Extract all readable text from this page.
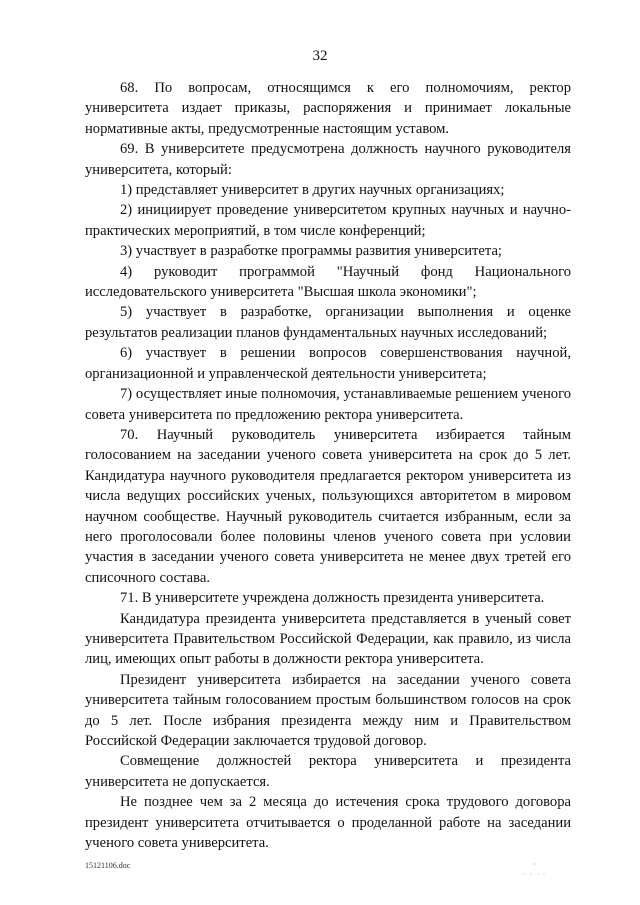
32

68. По вопросам, относящимся к его полномочиям, ректор университета издает приказы, распоряжения и принимает локальные нормативные акты, предусмотренные настоящим уставом.

69. В университете предусмотрена должность научного руководителя университета, который:

1) представляет университет в других научных организациях;

2) инициирует проведение университетом крупных научных и научно-практических мероприятий, в том числе конференций;

3) участвует в разработке программы развития университета;

4) руководит программой "Научный фонд Национального исследовательского университета "Высшая школа экономики";

5) участвует в разработке, организации выполнения и оценке результатов реализации планов фундаментальных научных исследований;

6) участвует в решении вопросов совершенствования научной, организационной и управленческой деятельности университета;

7) осуществляет иные полномочия, устанавливаемые решением ученого совета университета по предложению ректора университета.

70. Научный руководитель университета избирается тайным голосованием на заседании ученого совета университета на срок до 5 лет. Кандидатура научного руководителя предлагается ректором университета из числа ведущих российских ученых, пользующихся авторитетом в мировом научном сообществе. Научный руководитель считается избранным, если за него проголосовали более половины членов ученого совета при условии участия в заседании ученого совета университета не менее двух третей его списочного состава.

71. В университете учреждена должность президента университета.

Кандидатура президента университета представляется в ученый совет университета Правительством Российской Федерации, как правило, из числа лиц, имеющих опыт работы в должности ректора университета.

Президент университета избирается на заседании ученого совета университета тайным голосованием простым большинством голосов на срок до 5 лет. После избрания президента между ним и Правительством Российской Федерации заключается трудовой договор.

Совмещение должностей ректора университета и президента университета не допускается.

Не позднее чем за 2 месяца до истечения срока трудового договора президент университета отчитывается о проделанной работе на заседании ученого совета университета.

15121106.doc
